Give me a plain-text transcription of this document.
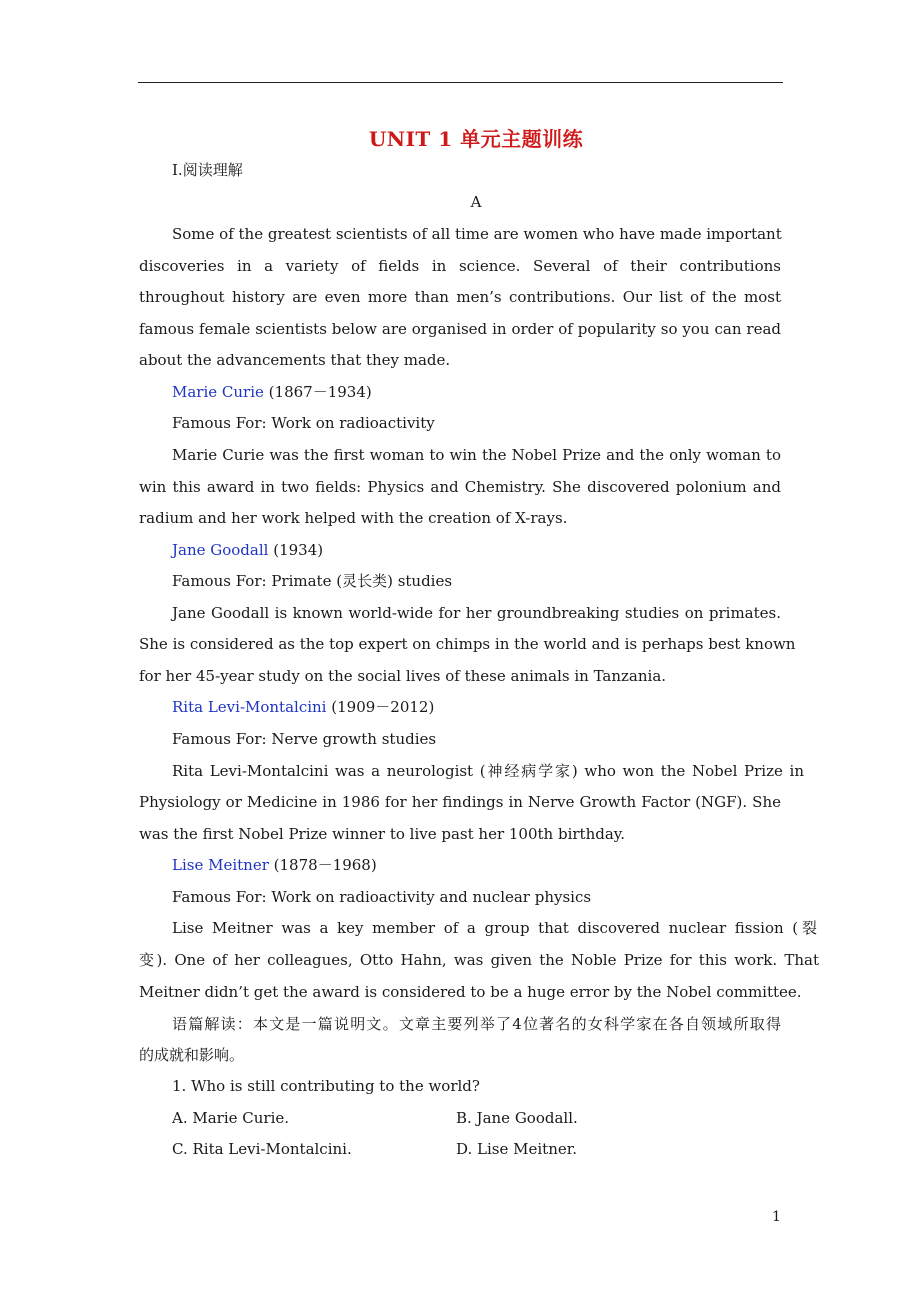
UNIT 1 单元主题训练
Ⅰ.阅读理解
A
Some of the greatest scientists of all time are women who have made important
discoveries in a variety of fields in science. Several of their contributions
throughout history are even more than men’s contributions. Our list of the most
famous female scientists below are organised in order of popularity so you can read
about the advancements that they made.
Marie Curie (1867－1934)
Famous For: Work on radioactivity
Marie Curie was the first woman to win the Nobel Prize and the only woman to
win this award in two fields: Physics and Chemistry. She discovered polonium and
radium and her work helped with the creation of X-rays.
Jane Goodall (1934)
Famous For: Primate (灵长类) studies
Jane Goodall is known world-wide for her groundbreaking studies on primates.
She is considered as the top expert on chimps in the world and is perhaps best known
for her 45-year study on the social lives of these animals in Tanzania.
Rita Levi-Montalcini (1909－2012)
Famous For: Nerve growth studies
Rita Levi-Montalcini was a neurologist (神经病学家) who won the Nobel Prize in
Physiology or Medicine in 1986 for her findings in Nerve Growth Factor (NGF). She
was the first Nobel Prize winner to live past her 100th birthday.
Lise Meitner (1878－1968)
Famous For: Work on radioactivity and nuclear physics
Lise Meitner was a key member of a group that discovered nuclear fission (裂
变). One of her colleagues, Otto Hahn, was given the Noble Prize for this work. That
Meitner didn’t get the award is considered to be a huge error by the Nobel committee.
语篇解读：本文是一篇说明文。文章主要列举了4位著名的女科学家在各自领域所取得
的成就和影响。
1. Who is still contributing to the world?
A. Marie Curie.	B. Jane Goodall.
C. Rita Levi-Montalcini.	D. Lise Meitner.
1
